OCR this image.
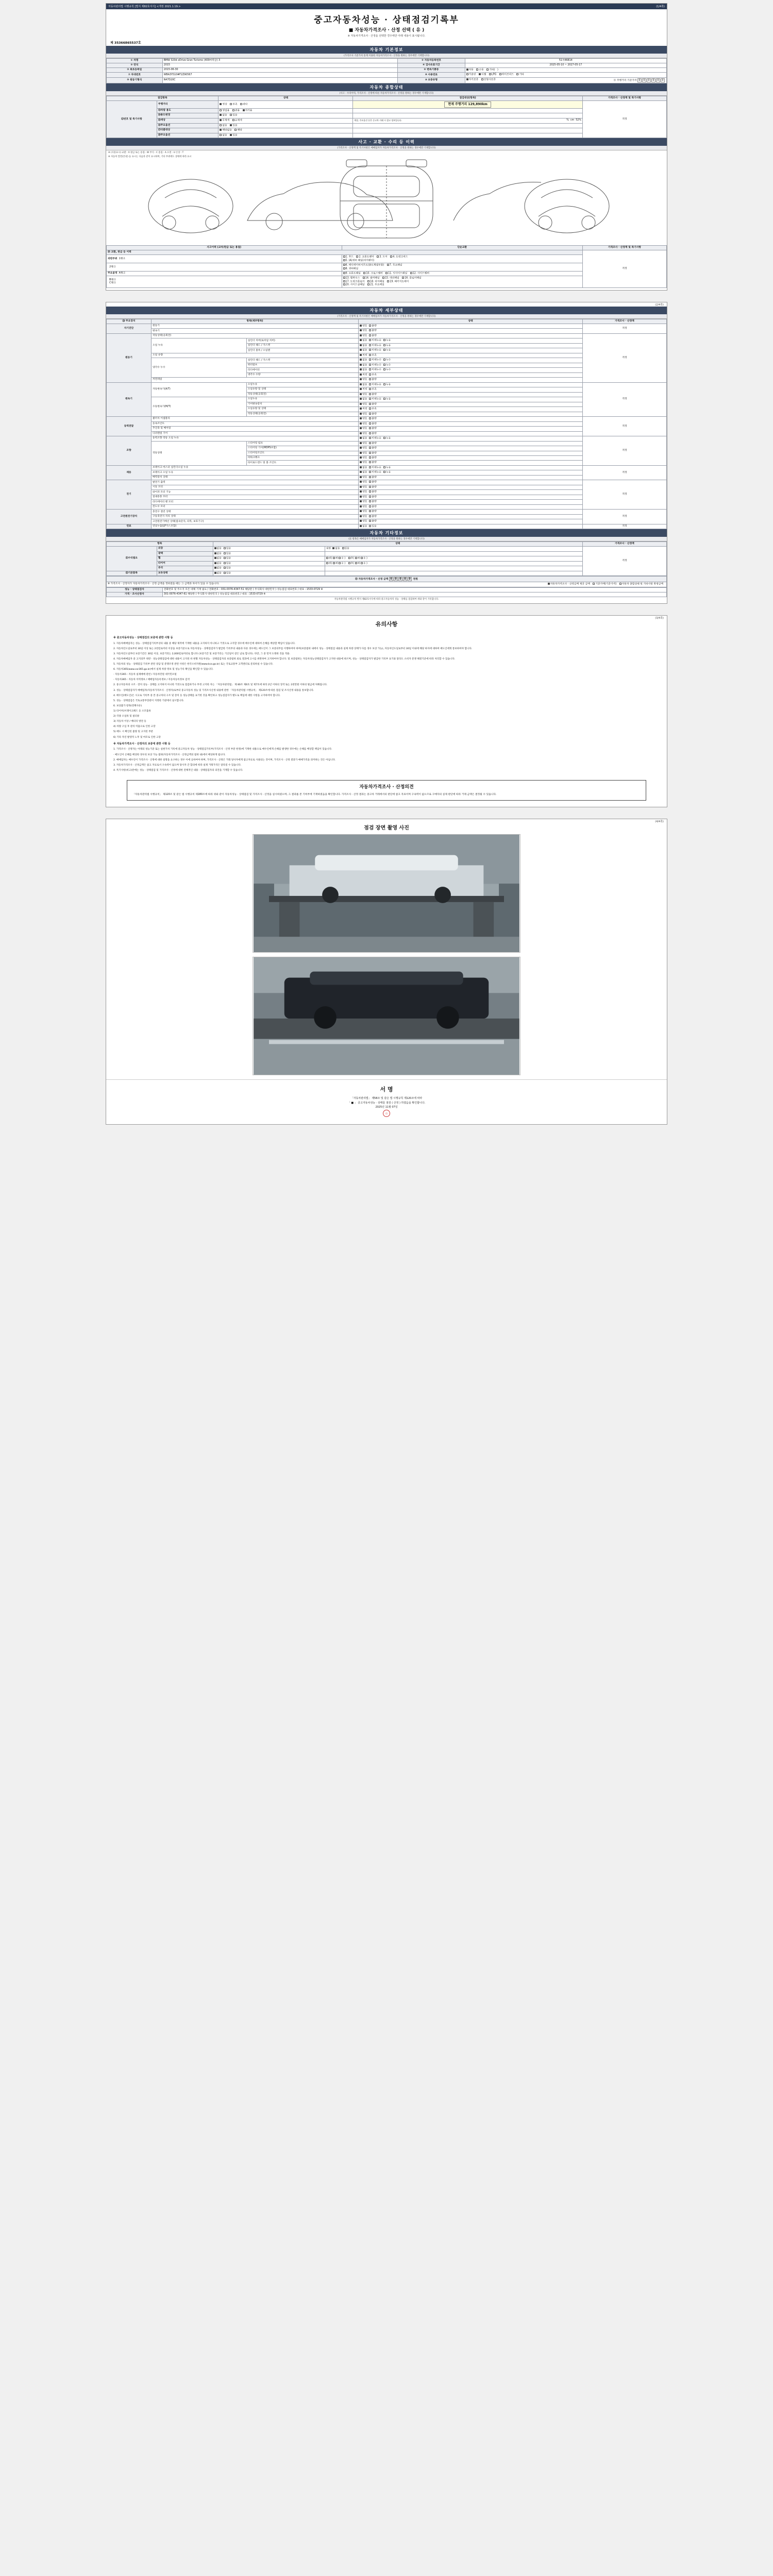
자동차관리법 시행규칙 [별지 제82호서식] <개정 2021.1.19.>	(1/4쪽)
중고자동차성능 · 상태점검기록부
■ 자동차가격조사 · 산정 선택 ( 유 )
※ 자동차가격조사 · 산정을 선택한 경우에만 아래 내용이 표시됩니다.
제 35366865537호
자동차 기본정보
(가격조사 기준가치 통계 이용한 자동차가격조사 · 산정을 원하는 경우에만 기재합니다)
① 차명	BMW 320d xDrive Gran Turismo (409마력급) 3	② 자동차등록번호	51저46814
③ 연식	2015	④ 검사유효기간	2025-05-10 ~ 2027-05-17
⑤ 최초등록일	2015-06-30	⑥ 변속기종류	자동 수동 기타(   )
⑦ 차대번호	WBA3Y510#F2Z90567	⑧ 사용연료	가솔린 디젤 LPG 하이브리드 기타
⑨ 원동기형식	N47D20C	⑩ 보증유형	자가보증 보험사보증 ⑪ 주행거리 기준가격 0 0 0 0 0 0
자동차 종합상태
(사고 · 수리이력, 가격조사 · 산정에 따른 자동차가격조사 · 산정을 원하는 경우에만 기재합니다)
점검항목		상태	점검대상(항목)	가격조사 · 산정액 및 특기사항
⑫번호 및 특기사항	주행거리	정상 부족 과다	현재 주행거리 129,890km	적정
	⑬차량 용도	영업용 관용 자가용		
	⑭용도변경	없음 있음		
	⑮색상	무채색 유채색	색상, 주요옵션 등은 중고차 거래 시 참고 정보입니다. % cm 52%	

	⑯주요옵션	없음 있음		
	⑰리콜대상	해당없음 해당		
	⑱주요옵션	없음 있음		
사고 · 교환 · 수리 등 이력
(가격조사 · 산정액 및 특기사항은 매매업자가 자동차가격조사 · 산정을 원하는 경우에만 기재합니다)
※ (사용표시) 교환 : X 판금 또는 용접 : W 부식 : C 흠집 : A 요철 : U 손상 : T
※ 자동차 앞면(본넷) 등 표시는 다음과 같이 표시하며, 기타 부위에도 상태에 따라 표시
사고이력 (교차/판금 또는 용접)	단순교환	가격조사 · 산정액 및 특기사항
⑲ 교환, 판금 등 이력		적정
외판부위 1랭크	1. 후드 2. 프론트펜더 3. 도어 4. 트렁크리드
5. (A)쿼터 패널(리어펜더)	
2랭크	6. 레디에이터서포트(볼트체결부품) 7. 루프패널
8. 쿼터패널	
주요골격 A랭크	9. 프론트패널 10. 크로스멤버 11. 인사이드패널 12. 사이드멤버	
B랭크
C랭크	13. 휠하우스 14. 필러패널 15. 대쉬패널 16. 플로어패널
17. 트렁크플로어 18. 리어패널 19. 패키지트레이
20. 사이드실패널 21. 루프레일	
(2/4쪽)
자동차 세부상태
(가격조사 · 산정액 및 특기사항은 매매업자가 자동차가격조사 · 산정을 원하는 경우에만 기재합니다)
⑳ 주요장치	항목(세부항목)		상태	가격조사 · 산정액
자기진단	원동기		양호 불량	적정
	변속기		양호 불량	
원동기	작동상태(공회전)		양호 불량	적정
	오일 누유	실린더 커버(로커암 커버)	없음 미세누유 누유	
		실린더 헤드 / 가스켓	없음 미세누유 누유	
		실린더 블록 / 오일팬	없음 미세누유 누유	
	오일 유량		적정 부족	
	냉각수 누수	실린더 헤드 / 가스켓	없음 미세누수 누수	
		워터펌프	없음 미세누수 누수	
		라디에이터	없음 미세누수 누수	
		냉각수 수량	적정 부족	
	커먼레일		양호 불량	
변속기	자동변속기(A/T)	오일누유	없음 미세누유 누유	적정
		오일유량 및 상태	적정 부족	
		작동상태(공회전)	양호 불량	
	수동변속기(M/T)	오일누유	없음 미세누유 누유	
		기어변속장치	양호 불량	
		오일유량 및 상태	적정 부족	
		작동상태(공회전)	양호 불량	
동력전달	클러치 어셈블리		양호 불량	적정
	등속조인트		양호 불량	
	추진축 및 베어링		양호 불량	
	디퍼렌셜 기어		양호 불량	
조향	동력조향 작동 오일 누유		없음 미세누유 누유	적정
	작동상태	스티어링 펌프	양호 불량	
		스티어링 기어(MDPS포함)	양호 불량	
		스티어링조인트	양호 불량	
		파워크랭크	양호 불량	
		타이로드엔드 및 볼 조인트	양호 불량	
제동	브레이크 마스터 실린더오일 누유		없음 미세누유 누유	적정
	브레이크 오일 누유		없음 미세누유 누유	
	배력장치 상태		양호 불량	
전기	발전기 출력		양호 불량	적정
	시동 모터		양호 불량	
	와이퍼 모터 기능		양호 불량	
	실내송풍 모터		양호 불량	
	라디에이터 팬 모터		양호 불량	
	윈도우 모터		양호 불량	
고전원전기장치	충전구 절연 상태		양호 불량	적정
	구동축전지 격리 상태		양호 불량	
	고전원전기배선 상태(접속단자, 피복, 보호기구)		양호 불량	
연료	연료누출(LP가스포함)		없음 있음	적정
자동차 기타정보
(㉑ 항목은 매매업자가 자동차가격조사 · 산정을 원하는 경우에만 기재합니다)
항목		상태		가격조사 · 산정액
㉑수리필요	외장	없음 있음	내장 없음 있음	적정
	광택	없음 있음		
	휠	없음 있음	전( 좌 우 ) 후( 좌 우 )	
	타이어	없음 있음	전( 좌 우 ) 후( 좌 우 )	
	유리	없음 있음		
㉒기본품목	보유상태	없음 있음		
㉓ 자동차가격조사 · 산정 금액 0 0 0 0 0 천원
※ 가격조사 · 산정자가 자동차가격조사 · 산정 금액을 정하였을 때는 그 금액과 차이가 있을 수 있습니다.	자동차가격조사 · 산정금액 제공 금액 기준가액(기준가격) 자동차 종합상태 및 기타사항 반영금액
성능 · 상태점검자	전화번호 및 주소지 모든 대체 기재 필요 / 전화번호 : 031-0376-4347-51 해당관 ( 주식회사 대한민국 ) 성능점검 대표번호 / 대표 : 1533-0729 ※
가격 · 조사산정자	301-0076-4347-61 해당관 ( 주식회사 대한민국 ) 성능점검 대표번호 / 대표 : 1533-0729 ※
자동차관리법 시행규칙 별지 제82호서식에 따라 중고자동차의 성능 · 상태를 점검하여 위와 같이 기록합니다.
(3/4쪽)
유의사항
※ 중고자동차성능 · 상태점검의 보증에 관한 사항 등

1. 자동차매매업자는 성능 · 상태점검기록부상의 내용 중 해당 제작에 기재한 내용을 고지하지 아니하고 거짓으로 고지할 경우에 매수인에 대하여 손해를 배상할 책임이 있습니다.

2. 자동차인도일로부터 30일 이상 또는 2천킬로미터 이상을 보증기준으로 자동차성능 · 상태점검자가 발급한 기록부의 내용과 다른 경우에는 매도인이 그 보증의무를 이행하여야 하며(보증범위 내에서 성능 · 상태점검 내용과 실제 차량 상태가 다를 경우 보상 가능), 자동차인도일로부터 30일 이내에 해당 하자에 대하여 매도인에게 통보하여야 합니다.

3. 자동차인도일부터 보증기간은 30일 이상, 보증거리는 2,000킬로미터로 합니다 (보증기간 및 보증거리는 기산일이 같은 날로 합니다). 다만, 그 중 먼저 도래한 것을 적용.

4. 자동차매매업자 중 고지의무 위반 · 성능상태점검에 대한 내용이 고지된 바 현황 자동차성능 · 상태점검자의 보증범위 외로 결과에 고시를 위반하여 고지하여야 합니다. 및 보증범위는 자동차성능상태점검자가 고지한 내용에 따르며, 성능 · 상태점검자가 발급한 기록부 표기와 달라도 소비자 분쟁 해결기준에 따라 처리할 수 있습니다.

5. 자동차의 성능 · 상태점검 기록부 관련 상담 및 분쟁조정 관련 사항은 한국소비자원(www.kca.go.kr) 또는 국토교통부 고객센터로 문의하실 수 있습니다.

6. 자동차365(www.car365.go.kr)에서 실제 차량 정보 및 성능기록 확인을 확인할 수 있습니다.

· 자동차365 : 자동차 실제매매 관련 / 자동차민원 대국민포털

· 자동차365 : 자동차 이력정보 / 매매업자등록정보 / 자동차등록정보 검색

2. 중고자동차의 구조 · 장치 성능 · 상태를 고지하지 아니한 거짓으로 점검하거나 부정 고지한 자는 「자동차관리법」 제 80조 제6호 및 제7호에 따라 2년 이하의 징역 또는 2천만원 이하의 벌금에 처해집니다.

3. 성능 · 상태점검자가 매매업자(자동차가격조사 · 산정자)로부터 중고자동차 성능 및 가격조사산정 내용에 관한 「자동차관리법 시행규칙」 제120조에 따른 점검 및 조사산정 내용을 통보합니다.

4. 매수인(매도인)은 시고로 기록부 중 본 중고차의 구조 및 장치 등 성능상태를 표기한 것을 확인하고 성능점검자가 별도로 책임에 대한 사항을 고지하여야 합니다.

5. 성능 · 상태점검은 국토교통부장관이 지정한 기관에서 실시합니다.

6. 보상불가 항목(면책사유)

1) 타이어/브레이크패드 등 소모품류

2) 각종 오일류 및 필터류

3) 자동차 이상 / 배터리 방전 등

4) 차량 구입 후 관리 미흡으로 인한 고장

5) 매도 시 확인된 불량 및 고지된 부분

6) 기타 자연 발생적 노후 및 마모로 인한 고장

※ 자동차가격조사 · 산정자의 보증에 관한 사항 등

1. 가격조사 · 산정자는 아래의 성능기준 또는 실현가치 기록에 중고자동차 성능 · 상태점검기록부(가격조사 · 산정 부분 한정)에 기재한 내용으로 매수인에게 손해를 발생한 경우에는 손해를 배상할 책임이 있습니다.

· 매도인이 손해를 배상한 경우의 보상 가능 범위(자동차가격조사 · 산정금액의 범위 내)에서 배상하게 됩니다.

2. 매매업자는 매수인이 가격조사 · 산정에 대한 설명을 요구하는 경우 이에 응하여야 하며, 가격조사 · 산정은 거래 당사자에게 참고자료로 사용되는 것이며, 가격조사 · 산정 결과가 매매가격을 의미하는 것은 아닙니다.

3. 자동차가격조사 · 산정금액은 참고 자료로서 구속력이 없으며 당사자 간 합의에 따라 실제 거래가격은 달라질 수 있습니다.

4. 특기사항(비고)란에는 성능 · 상태점검 및 가격조사 · 산정에 대한 전체적인 내용 · 상태점검자의 의견을 기재할 수 있습니다.

자동차가격조사 · 산정의견
「자동차관리법 시행규칙」 제120조 및 같은 법 시행규칙 제180조에 따라 위와 같이 자동차성능 · 상태점검 및 가격조사 · 산정을 실시하였으며, 그 결과를 본 기록부에 기재하였음을 확인합니다. 가격조사 · 산정 결과는 중고차 거래에서의 판단에 참고 자료이며 구속력이 없으므로 구매자의 실제 판단에 따라 거래 금액은 결정될 수 있습니다.
(4/4쪽)
점검 장면 촬영 사진
서 명
「자동차관리법」 제58조 및 같은 법 시행규칙 제120조에 따라
「 ■ 」 중고자동차성능 · 상태를 점검 ( 산정 ) 하였음을 확인합니다.
2025년 11월 07일
印
